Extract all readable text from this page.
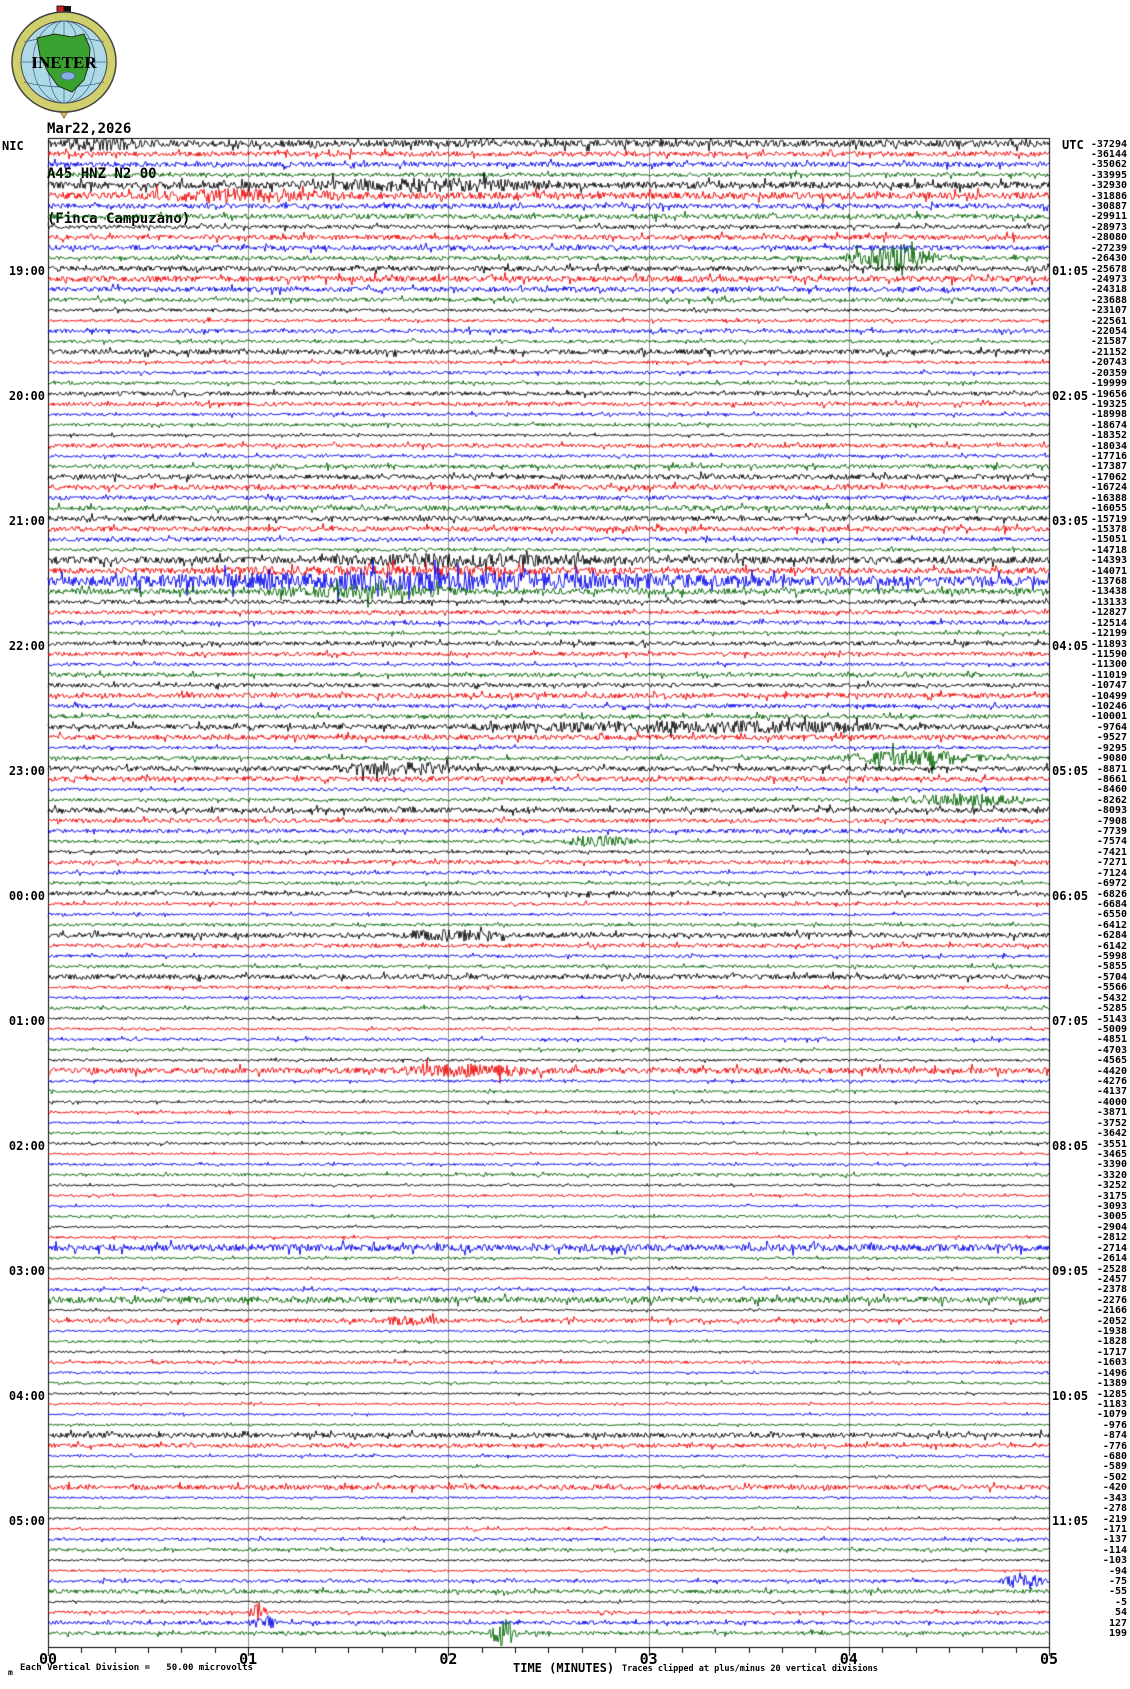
19:00
20:00
21:00
22:00
23:00
00:00
01:00
02:00
03:00
04:00
05:00
01:05
02:05
03:05
04:05
05:05
06:05
07:05
08:05
09:05
10:05
11:05
-37294
-36144
-35062
-33995
-32930
-31886
-30887
-29911
-28973
-28080
-27239
-26430
-25678
-24973
-24318
-23688
-23107
-22561
-22054
-21587
-21152
-20743
-20359
-19999
-19656
-19325
-18998
-18674
-18352
-18034
-17716
-17387
-17062
-16724
-16388
-16055
-15719
-15378
-15051
-14718
-14393
-14071
-13768
-13438
-13133
-12827
-12514
-12199
-11893
-11590
-11300
-11019
-10747
-10499
-10246
-10001
-9764
-9527
-9295
-9080
-8871
-8661
-8460
-8262
-8093
-7908
-7739
-7574
-7421
-7271
-7124
-6972
-6826
-6684
-6550
-6412
-6284
-6142
-5998
-5855
-5704
-5566
-5432
-5285
-5143
-5009
-4851
-4703
-4565
-4420
-4276
-4137
-4000
-3871
-3752
-3642
-3551
-3465
-3390
-3320
-3252
-3175
-3093
-3005
-2904
-2812
-2714
-2614
-2528
-2457
-2378
-2276
-2166
-2052
-1938
-1828
-1717
-1603
-1496
-1389
-1285
-1183
-1079
-976
-874
-776
-680
-589
-502
-420
-343
-278
-219
-171
-137
-114
-103
-94
-75
-55
-5
54
127
199
00	01	02	03	04	05
m Each Vertical Division =   50.00 microvolts	TIME (MINUTES) Traces clipped at plus/minus 20 vertical divisions
